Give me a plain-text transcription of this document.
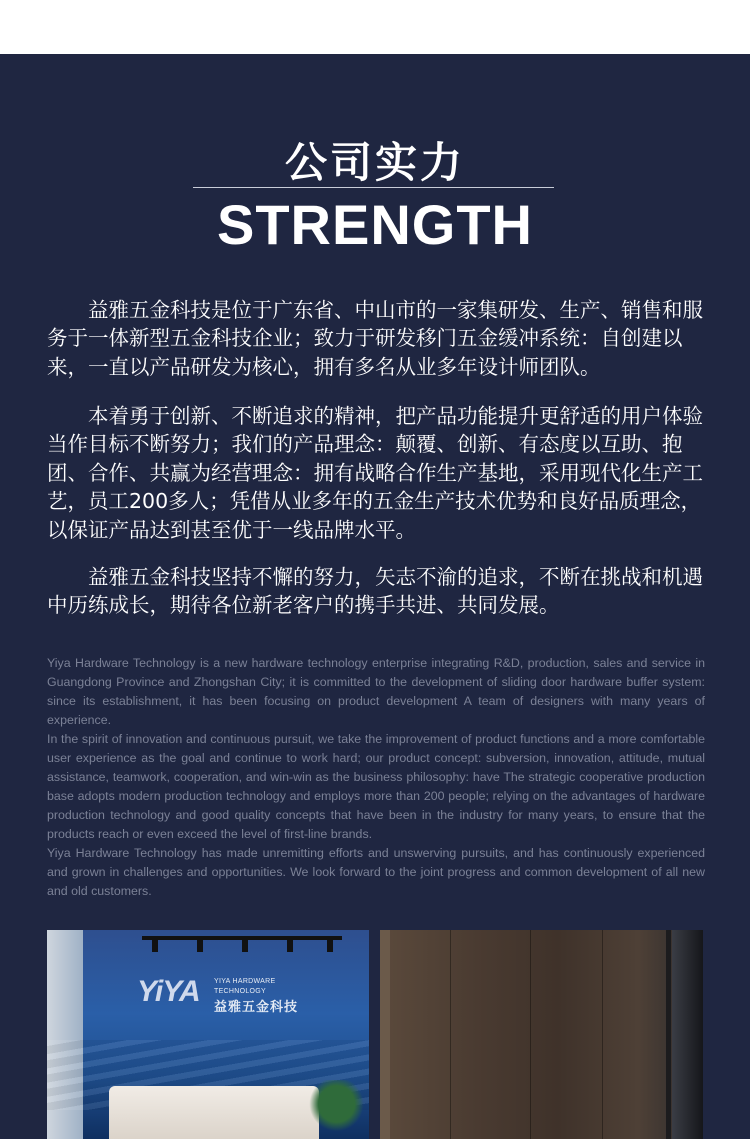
公司实力
STRENGTH

益雅五金科技是位于广东省、中山市的一家集研发、生产、销售和服务于一体新型五金科技企业；致力于研发移门五金缓冲系统：自创建以来，一直以产品研发为核心，拥有多名从业多年设计师团队。

本着勇于创新、不断追求的精神，把产品功能提升更舒适的用户体验当作目标不断努力；我们的产品理念：颠覆、创新、有态度以互助、抱团、合作、共赢为经营理念：拥有战略合作生产基地，采用现代化生产工艺，员工200多人；凭借从业多年的五金生产技术优势和良好品质理念，以保证产品达到甚至优于一线品牌水平。

益雅五金科技坚持不懈的努力，矢志不渝的追求，不断在挑战和机遇中历练成长，期待各位新老客户的携手共进、共同发展。

Yiya Hardware Technology is a new hardware technology enterprise integrating R&D, production, sales and service in Guangdong Province and Zhongshan City; it is committed to the development of sliding door hardware buffer system: since its establishment, it has been focusing on product development A team of designers with many years of experience.

In the spirit of innovation and continuous pursuit, we take the improvement of product functions and a more comfortable user experience as the goal and continue to work hard; our product concept: subversion, innovation, attitude, mutual assistance, teamwork, cooperation, and win-win as the business philosophy: have The strategic cooperative production base adopts modern production technology and employs more than 200 people; relying on the advantages of hardware production technology and good quality concepts that have been in the industry for many years, to ensure that the products reach or even exceed the level of first-line brands.

Yiya Hardware Technology has made unremitting efforts and unswerving pursuits, and has continuously experienced and grown in challenges and opportunities. We look forward to the joint progress and common development of all new and old customers.

YiYA	YIYA HARDWARE
TECHNOLOGY
益雅五金科技
